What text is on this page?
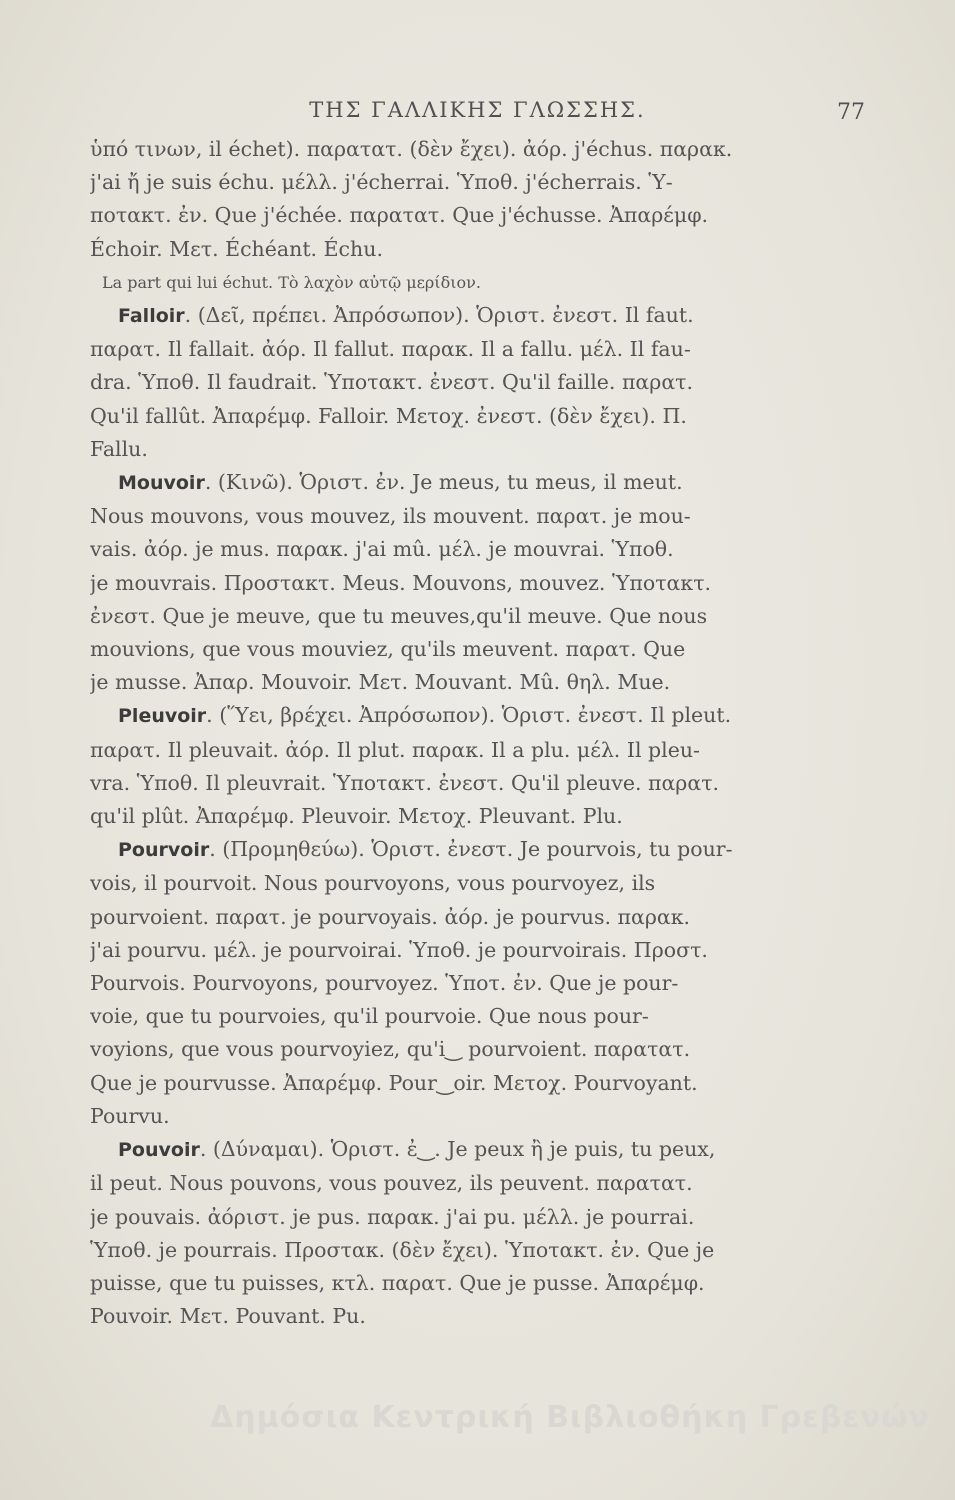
ΤΗΣ ΓΑΛΛΙΚΗΣ ΓΛΩΣΣΗΣ.	77
ὑπό τινων, il échet). παρατατ. (δὲν ἔχει). ἀόρ. j'échus. παρακ.
j'ai ἤ je suis échu. μέλλ. j'écherrai. Ὑποθ. j'écherrais. Ὑ-
ποτακτ. ἐν. Que j'échée. παρατατ. Que j'échusse. Ἀπαρέμφ.
Échoir. Μετ. Échéant. Échu.
La part qui lui échut. Τὸ λαχὸν αὐτῷ μερίδιον.
Falloir. (Δεῖ, πρέπει. Ἀπρόσωπον). Ὁριστ. ἐνεστ. Il faut.
παρατ. Il fallait. ἀόρ. Il fallut. παρακ. Il a fallu. μέλ. Il fau-
dra. Ὑποθ. Il faudrait. Ὑποτακτ. ἐνεστ. Qu'il faille. παρατ.
Qu'il fallût. Ἀπαρέμφ. Falloir. Μετοχ. ἐνεστ. (δὲν ἔχει). Π.
Fallu.
Mouvoir. (Κινῶ). Ὁριστ. ἐν. Je meus, tu meus, il meut.
Nous mouvons, vous mouvez, ils mouvent. παρατ. je mou-
vais. ἀόρ. je mus. παρακ. j'ai mû. μέλ. je mouvrai. Ὑποθ.
je mouvrais. Προστακτ. Meus. Mouvons, mouvez. Ὑποτακτ.
ἐνεστ. Que je meuve, que tu meuves,qu'il meuve. Que nous
mouvions, que vous mouviez, qu'ils meuvent. παρατ. Que
je musse. Ἀπαρ. Mouvoir. Μετ. Mouvant. Mû. θηλ. Mue.
Pleuvoir. (Ὕει, βρέχει. Ἀπρόσωπον). Ὁριστ. ἐνεστ. Il pleut.
παρατ. Il pleuvait. ἀόρ. Il plut. παρακ. Il a plu. μέλ. Il pleu-
vra. Ὑποθ. Il pleuvrait. Ὑποτακτ. ἐνεστ. Qu'il pleuve. παρατ.
qu'il plût. Ἀπαρέμφ. Pleuvoir. Μετοχ. Pleuvant. Plu.
Pourvoir. (Προμηθεύω). Ὁριστ. ἐνεστ. Je pourvois, tu pour-
vois, il pourvoit. Nous pourvoyons, vous pourvoyez, ils
pourvoient. παρατ. je pourvoyais. ἀόρ. je pourvus. παρακ.
j'ai pourvu. μέλ. je pourvoirai. Ὑποθ. je pourvoirais. Προστ.
Pourvois. Pourvoyons, pourvoyez. Ὑποτ. ἐν. Que je pour-
voie, que tu pourvoies, qu'il pourvoie. Que nous pour-
voyions, que vous pourvoyiez, qu'i‿ pourvoient. παρατατ.
Que je pourvusse. Ἀπαρέμφ. Pour‿oir. Μετοχ. Pourvoyant.
Pourvu.
Pouvoir. (Δύναμαι). Ὁριστ. ἐ‿. Je peux ἢ je puis, tu peux,
il peut. Nous pouvons, vous pouvez, ils peuvent. παρατατ.
je pouvais. ἀόριστ. je pus. παρακ. j'ai pu. μέλλ. je pourrai.
Ὑποθ. je pourrais. Προστακ. (δὲν ἔχει). Ὑποτακτ. ἐν. Que je
puisse, que tu puisses, κτλ. παρατ. Que je pusse. Ἀπαρέμφ.
Pouvoir. Μετ. Pouvant. Pu.
Δημόσια Κεντρική Βιβλιοθήκη Γρεβενών
